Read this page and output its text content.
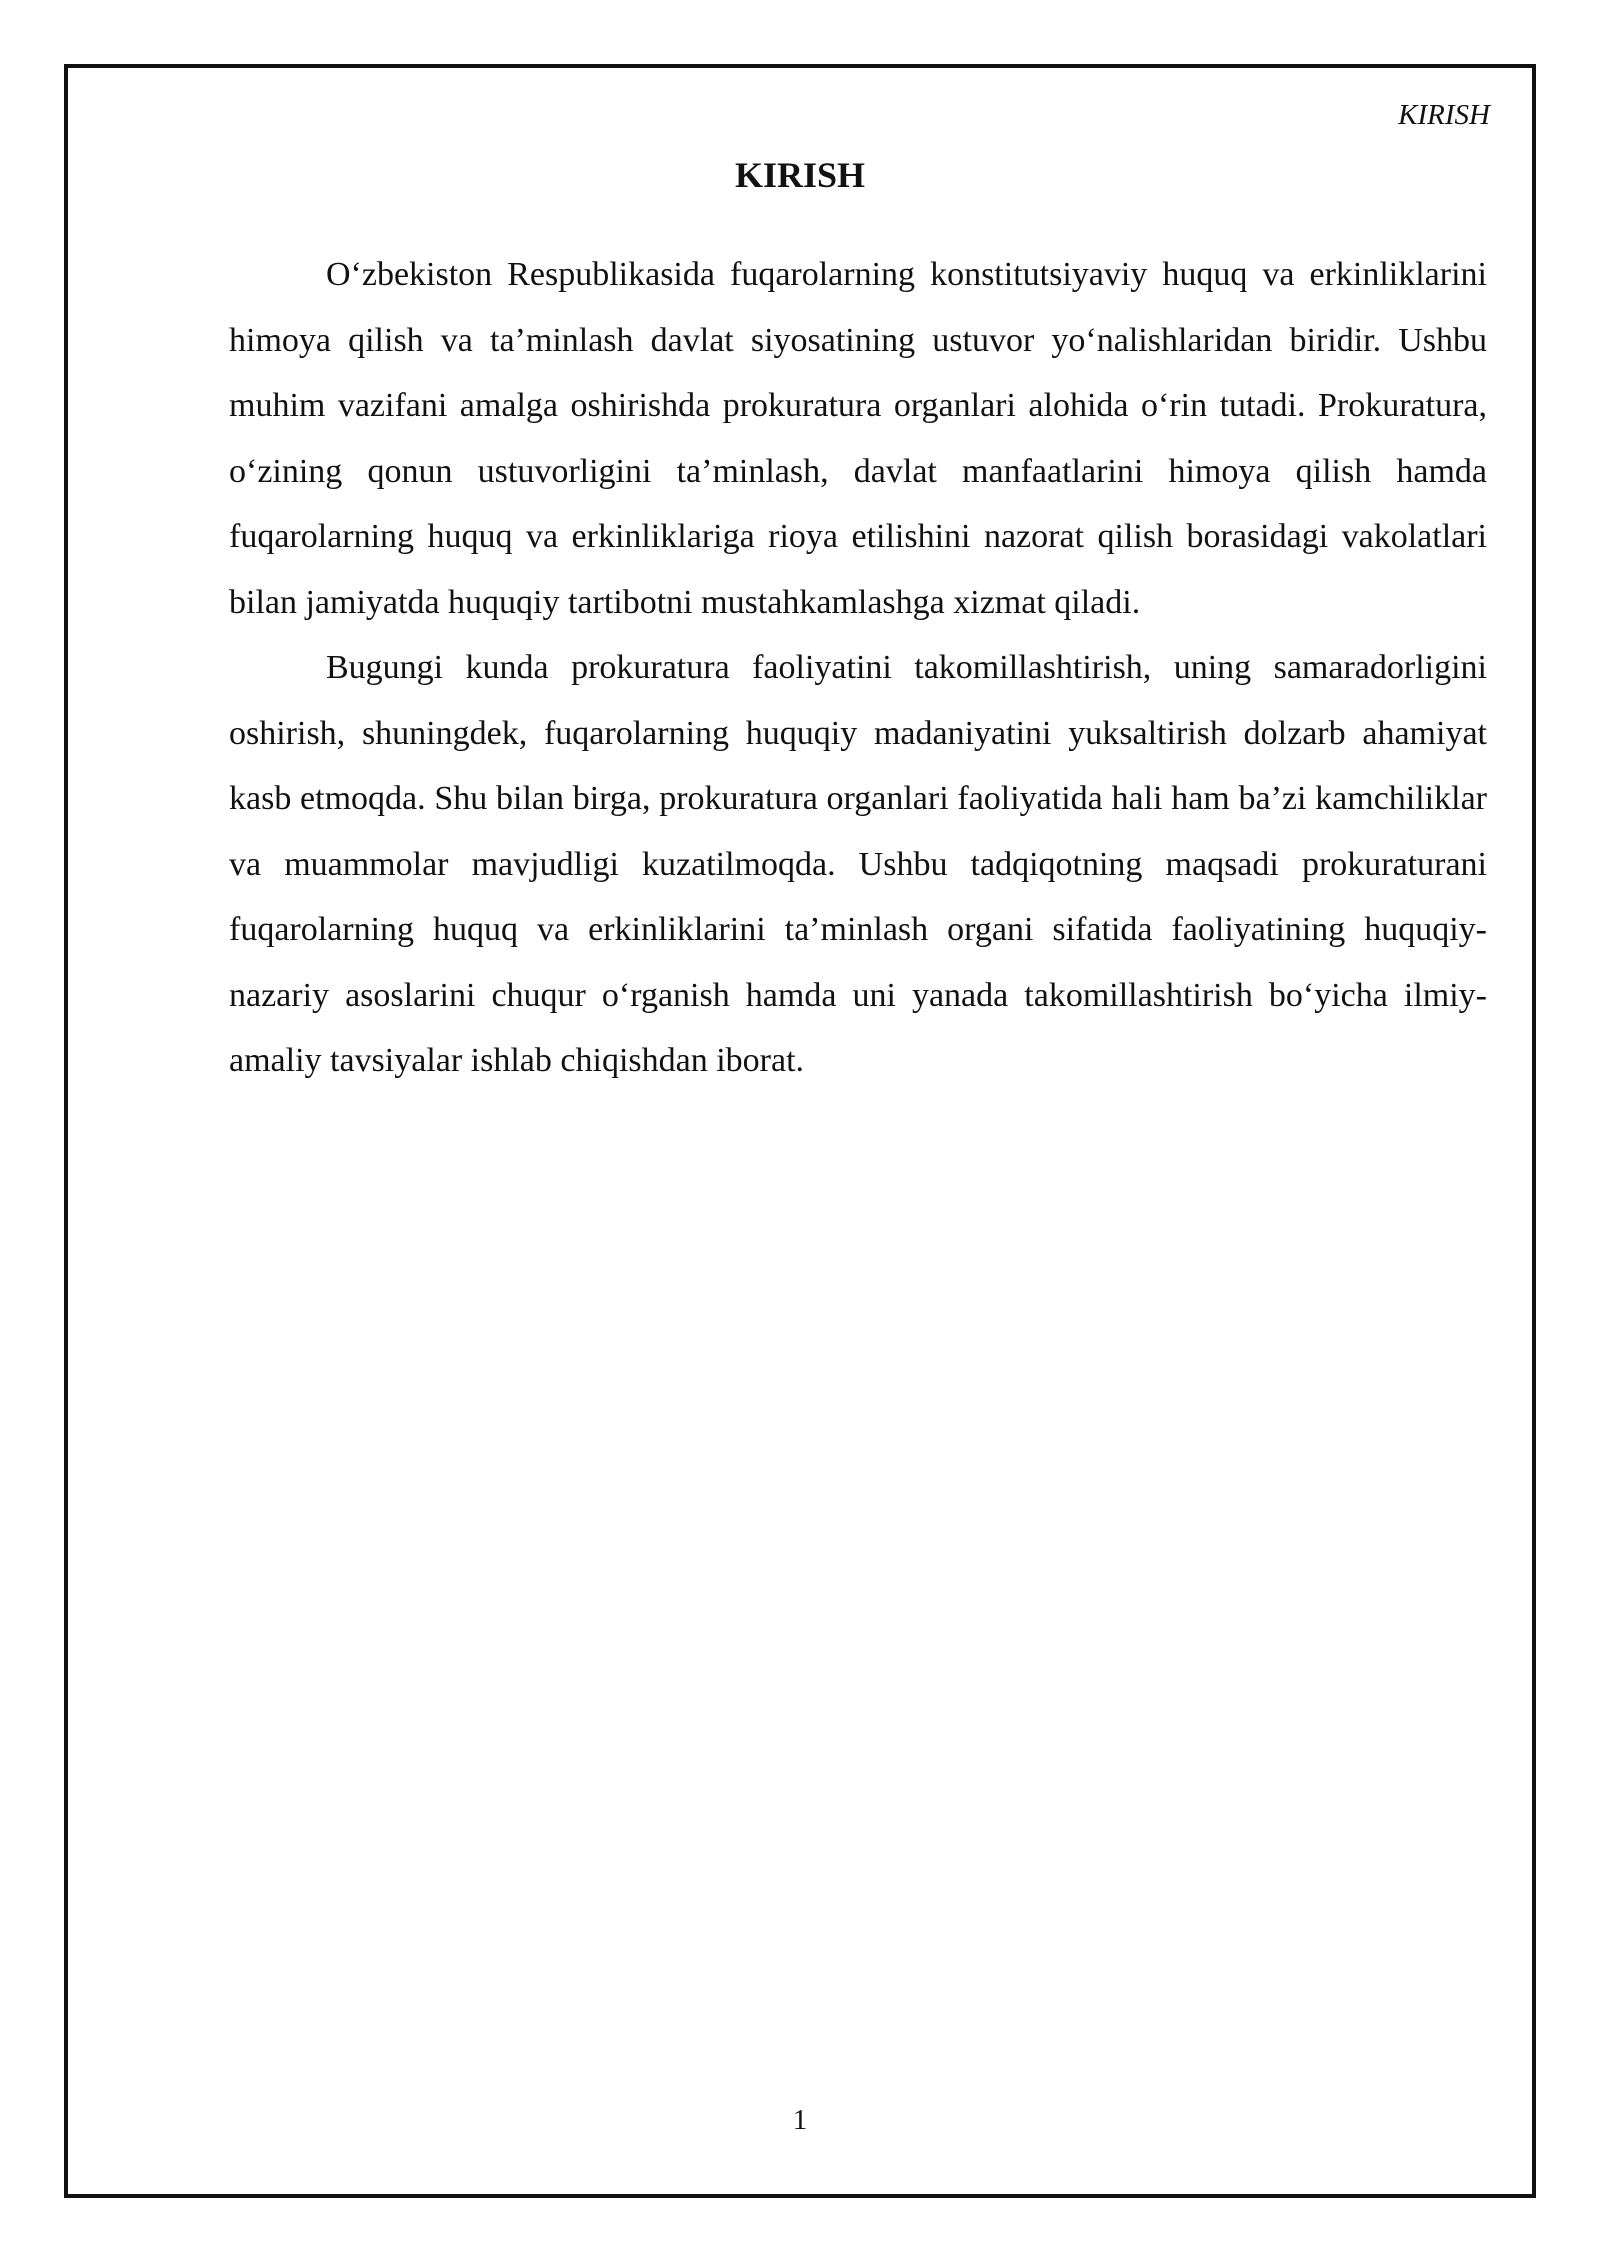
KIRISH
KIRISH

O‘zbekiston Respublikasida fuqarolarning konstitutsiyaviy huquq va erkinliklarini himoya qilish va ta’minlash davlat siyosatining ustuvor yo‘nalishlaridan biridir. Ushbu muhim vazifani amalga oshirishda prokuratura organlari alohida o‘rin tutadi. Prokuratura, o‘zining qonun ustuvorligini ta’minlash, davlat manfaatlarini himoya qilish hamda fuqarolarning huquq va erkinliklariga rioya etilishini nazorat qilish borasidagi vakolatlari bilan jamiyatda huquqiy tartibotni mustahkamlashga xizmat qiladi.

Bugungi kunda prokuratura faoliyatini takomillashtirish, uning samaradorligini oshirish, shuningdek, fuqarolarning huquqiy madaniyatini yuksaltirish dolzarb ahamiyat kasb etmoqda. Shu bilan birga, prokuratura organlari faoliyatida hali ham ba’zi kamchiliklar va muammolar mavjudligi kuzatilmoqda. Ushbu tadqiqotning maqsadi prokuraturani fuqarolarning huquq va erkinliklarini ta’minlash organi sifatida faoliyatining huquqiy-nazariy asoslarini chuqur o‘rganish hamda uni yanada takomillashtirish bo‘yicha ilmiy-amaliy tavsiyalar ishlab chiqishdan iborat.

1
